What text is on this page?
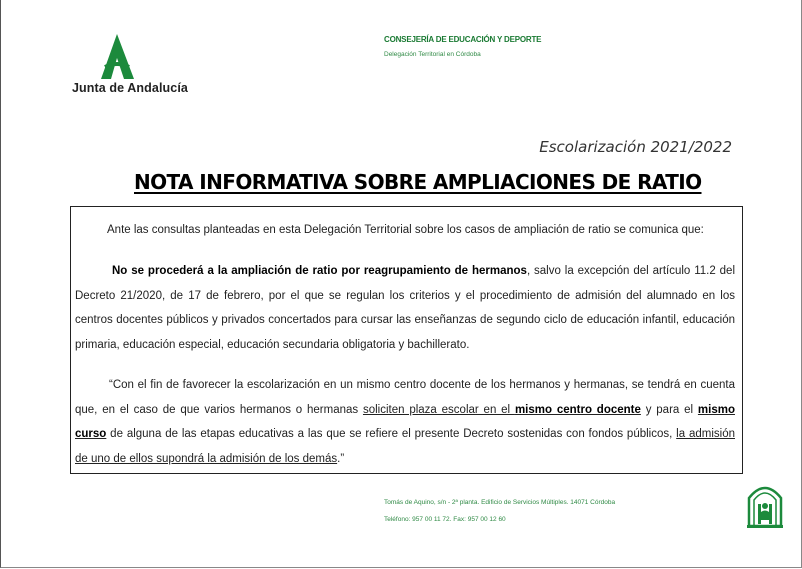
Junta de Andalucía
CONSEJERÍA DE EDUCACIÓN Y DEPORTE
Delegación Territorial en Córdoba
Escolarización 2021/2022
NOTA INFORMATIVA SOBRE AMPLIACIONES DE RATIO
Ante las consultas planteadas en esta Delegación Territorial sobre los casos de ampliación de ratio se comunica que:
No se procederá a la ampliación de ratio por reagrupamiento de hermanos, salvo la excepción del artículo 11.2 del Decreto 21/2020, de 17 de febrero, por el que se regulan los criterios y el procedimiento de admisión del alumnado en los centros docentes públicos y privados concertados para cursar las enseñanzas de segundo ciclo de educación infantil, educación primaria, educación especial, educación secundaria obligatoria y bachillerato.
“Con el fin de favorecer la escolarización en un mismo centro docente de los hermanos y hermanas, se tendrá en cuenta que, en el caso de que varios hermanos o hermanas soliciten plaza escolar en el mismo centro docente y para el mismo curso de alguna de las etapas educativas a las que se refiere el presente Decreto sostenidas con fondos públicos, la admisión de uno de ellos supondrá la admisión de los demás.”
Tomás de Aquino, s/n - 2ª planta. Edificio de Servicios Múltiples. 14071 Córdoba
Teléfono: 957 00 11 72. Fax: 957 00 12 60
